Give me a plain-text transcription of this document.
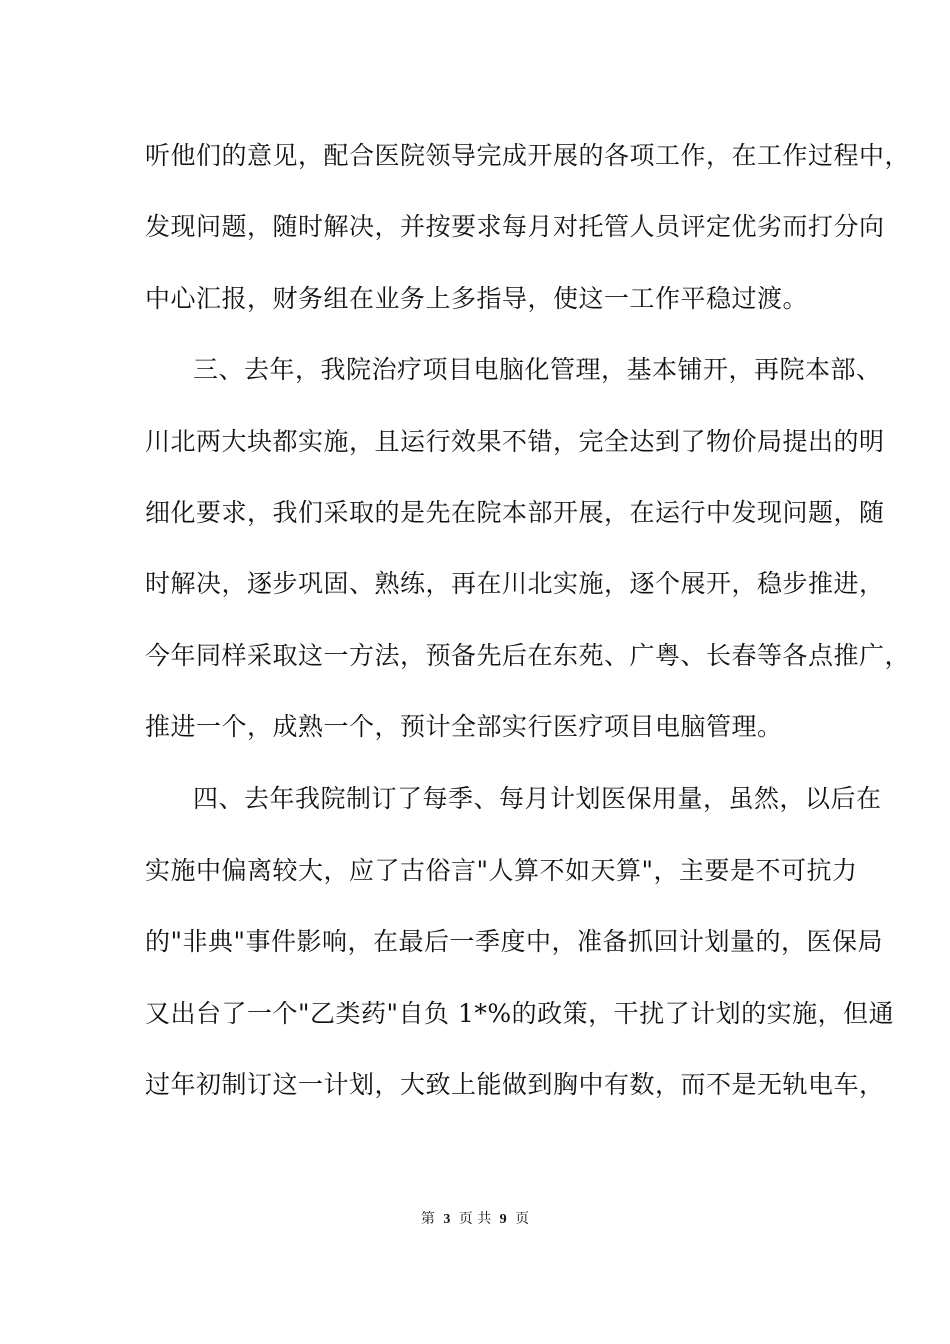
听他们的意见，配合医院领导完成开展的各项工作，在工作过程中，
发现问题，随时解决，并按要求每月对托管人员评定优劣而打分向
中心汇报，财务组在业务上多指导，使这一工作平稳过渡。
三、去年，我院治疗项目电脑化管理，基本铺开，再院本部、
川北两大块都实施，且运行效果不错，完全达到了物价局提出的明
细化要求，我们采取的是先在院本部开展，在运行中发现问题，随
时解决，逐步巩固、熟练，再在川北实施，逐个展开，稳步推进，
今年同样采取这一方法，预备先后在东苑、广粤、长春等各点推广，
推进一个，成熟一个，预计全部实行医疗项目电脑管理。
四、去年我院制订了每季、每月计划医保用量，虽然，以后在
实施中偏离较大，应了古俗言"人算不如天算"，主要是不可抗力
的"非典"事件影响，在最后一季度中，准备抓回计划量的，医保局
又出台了一个"乙类药"自负 1*%的政策，干扰了计划的实施，但通
过年初制订这一计划，大致上能做到胸中有数，而不是无轨电车，
第 3 页 共 9 页
